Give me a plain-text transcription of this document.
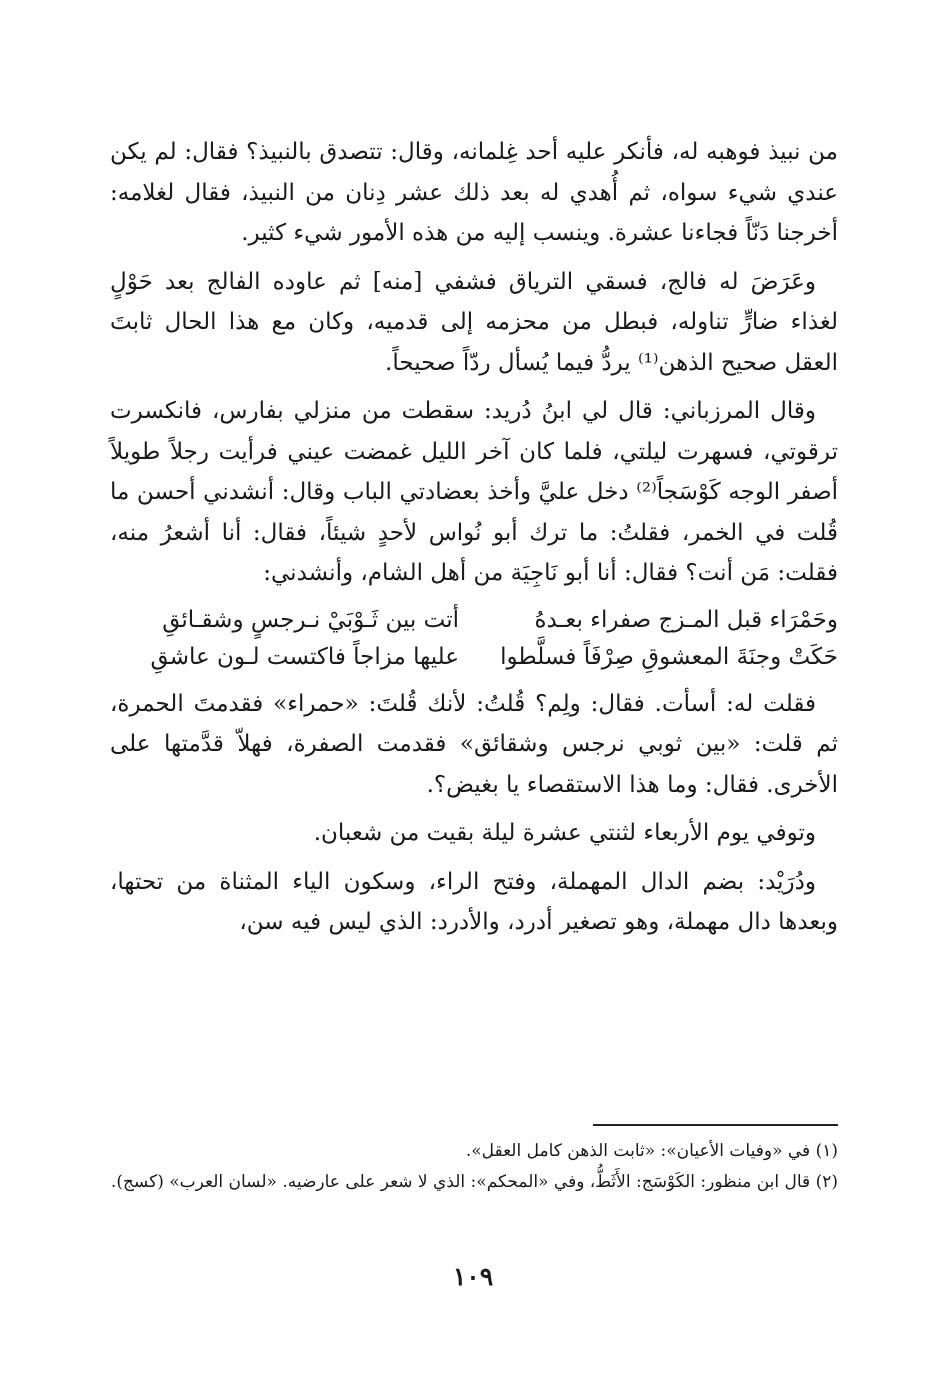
من نبيذ فوهبه له، فأنكر عليه أحد غِلمانه، وقال: تتصدق بالنبيذ؟ فقال: لم يكن عندي شيء سواه، ثم أُهدي له بعد ذلك عشر دِنان من النبيذ، فقال لغلامه: أخرجنا دَنّاً فجاءنا عشرة. وينسب إليه من هذه الأمور شيء كثير.

وعَرَضَ له فالج، فسقي الترياق فشفي [منه] ثم عاوده الفالج بعد حَوْلٍ لغذاء ضارٍّ تناوله، فبطل من محزمه إلى قدميه، وكان مع هذا الحال ثابتَ العقل صحيح الذهن⁽¹⁾ يردُّ فيما يُسأل ردّاً صحيحاً.

وقال المرزباني: قال لي ابنُ دُريد: سقطت من منزلي بفارس، فانكسرت ترقوتي، فسهرت ليلتي، فلما كان آخر الليل غمضت عيني فرأيت رجلاً طويلاً أصفر الوجه كَوْسَجاً⁽²⁾ دخل عليَّ وأخذ بعضادتي الباب وقال: أنشدني أحسن ما قُلت في الخمر، فقلتُ: ما ترك أبو نُواس لأحدٍ شيئاً، فقال: أنا أشعرُ منه، فقلت: مَن أنت؟ فقال: أنا أبو نَاجِيَة من أهل الشام، وأنشدني:

وحَمْرَاء قبل المـزج صفراء بعـدهُ
أتت بين ثَـوْبَيْ نـرجسٍ وشقـائقِ
حَكَتْ وجنَةَ المعشوقِ صِرْفَاً فسلَّطوا
عليها مزاجاً فاكتست لـون عاشقِ

فقلت له: أسأت. فقال: ولِم؟ قُلتُ: لأنك قُلتَ: «حمراء» فقدمتَ الحمرة، ثم قلت: «بين ثوبي نرجس وشقائق» فقدمت الصفرة، فهلاّ قدَّمتها على الأخرى. فقال: وما هذا الاستقصاء يا بغيض؟.

وتوفي يوم الأربعاء لثنتي عشرة ليلة بقيت من شعبان.

ودُرَيْد: بضم الدال المهملة، وفتح الراء، وسكون الياء المثناة من تحتها، وبعدها دال مهملة، وهو تصغير أدرد، والأدرد: الذي ليس فيه سن،

(١) في «وفيات الأعيان»: «ثابت الذهن كامل العقل».

(٢) قال ابن منظور: الكَوْسَج: الأَثَطُّ، وفي «المحكم»: الذي لا شعر على عارضيه. «لسان العرب» (كسج).

١٠٩
